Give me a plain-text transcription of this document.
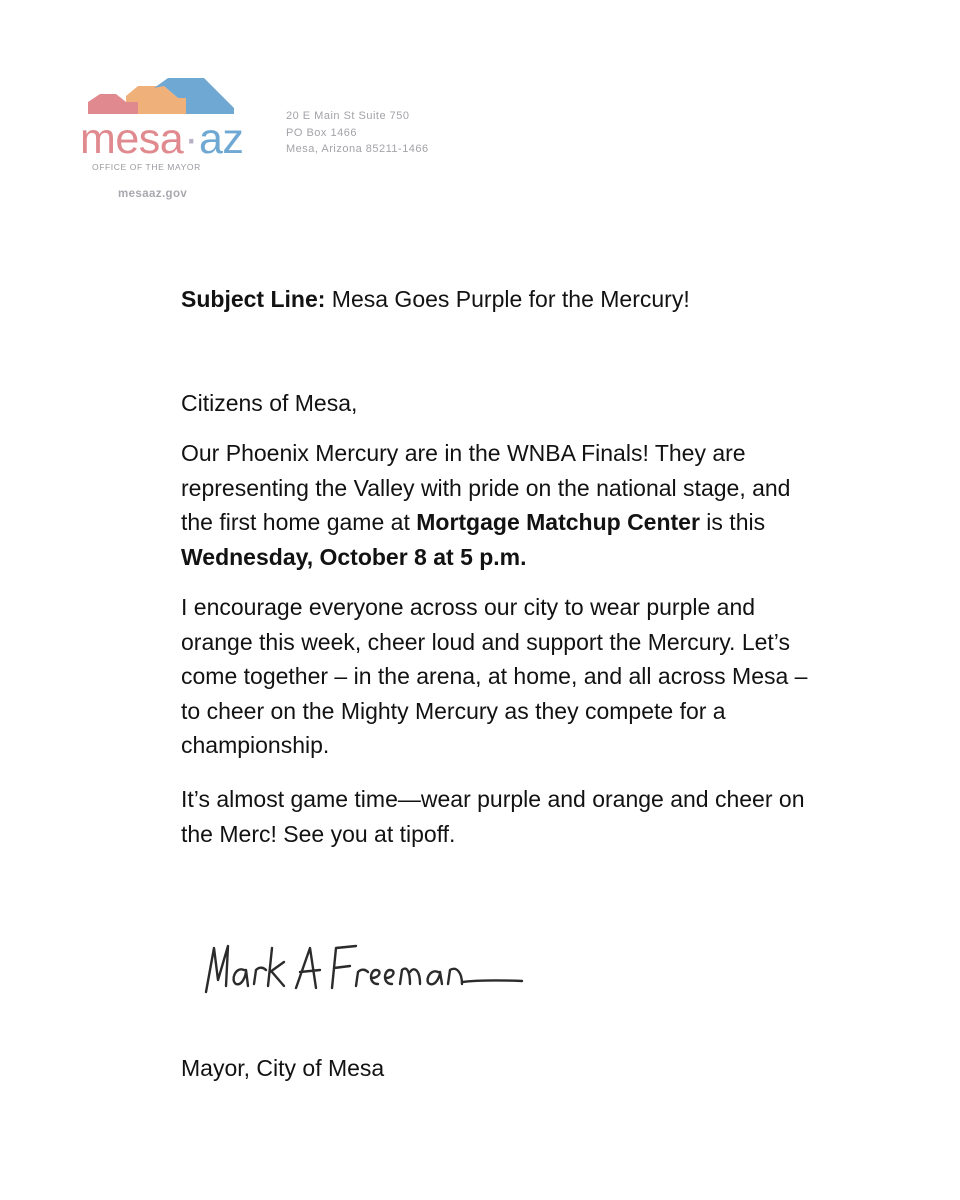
mesa·az
OFFICE OF THE MAYOR
mesaaz.gov
20 E Main St Suite 750
PO Box 1466
Mesa, Arizona 85211-1466
Subject Line: Mesa Goes Purple for the Mercury!
Citizens of Mesa,

Our Phoenix Mercury are in the WNBA Finals! They are representing the Valley with pride on the national stage, and the first home game at Mortgage Matchup Center is this Wednesday, October 8 at 5 p.m.

I encourage everyone across our city to wear purple and orange this week, cheer loud and support the Mercury. Let’s come together – in the arena, at home, and all across Mesa – to cheer on the Mighty Mercury as they compete for a championship.

It’s almost game time—wear purple and orange and cheer on the Merc! See you at tipoff.

Mayor, City of Mesa
